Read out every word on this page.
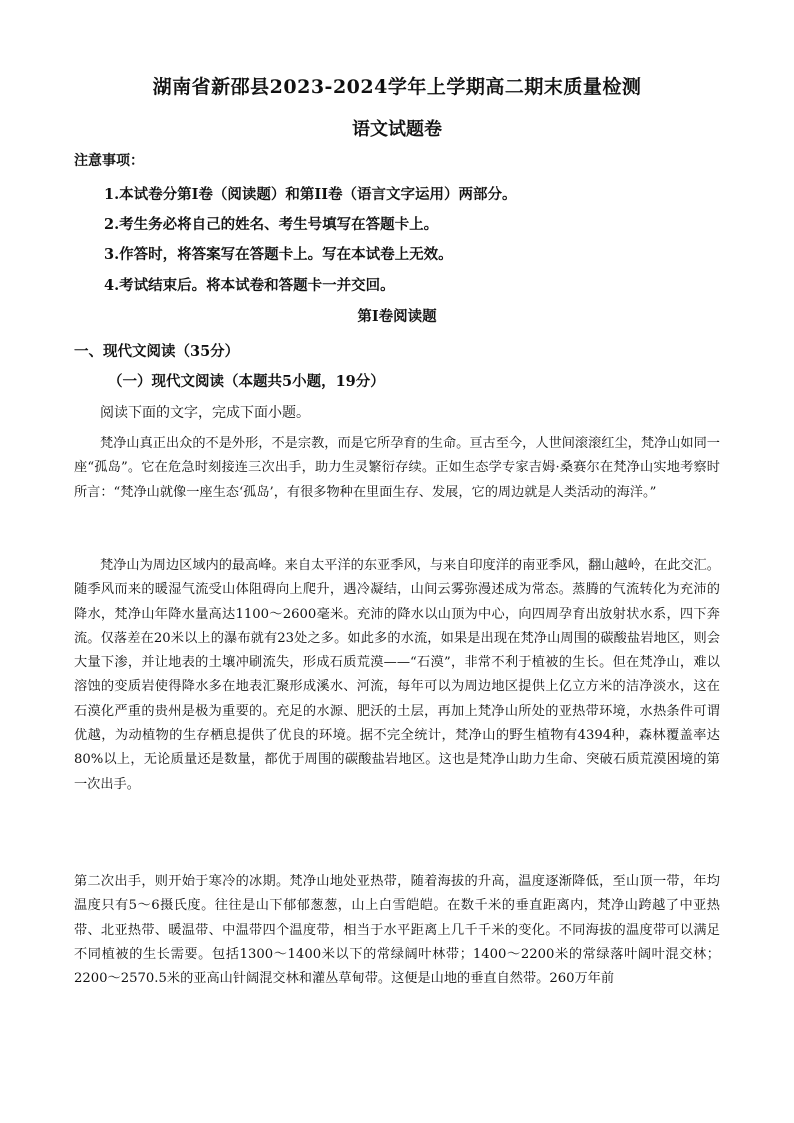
湖南省新邵县2023-2024学年上学期高二期末质量检测
语文试题卷
注意事项：
1.本试卷分第Ⅰ卷（阅读题）和第II卷（语言文字运用）两部分。
2.考生务必将自己的姓名、考生号填写在答题卡上。
3.作答时，将答案写在答题卡上。写在本试卷上无效。
4.考试结束后。将本试卷和答题卡一并交回。
第Ⅰ卷阅读题
一、现代文阅读（35分）
（一）现代文阅读（本题共5小题，19分）
阅读下面的文字，完成下面小题。

梵净山真正出众的不是外形，不是宗教，而是它所孕育的生命。亘古至今，人世间滚滚红尘，梵净山如同一座“孤岛”。它在危急时刻接连三次出手，助力生灵繁衍存续。正如生态学专家吉姆·桑赛尔在梵净山实地考察时所言：“梵净山就像一座生态‘孤岛’，有很多物种在里面生存、发展，它的周边就是人类活动的海洋。”

梵净山为周边区域内的最高峰。来自太平洋的东亚季风，与来自印度洋的南亚季风，翻山越岭，在此交汇。随季风而来的暖湿气流受山体阻碍向上爬升，遇冷凝结，山间云雾弥漫述成为常态。蒸腾的气流转化为充沛的降水，梵净山年降水量高达1100～2600毫米。充沛的降水以山顶为中心，向四周孕育出放射状水系，四下奔流。仅落差在20米以上的瀑布就有23处之多。如此多的水流，如果是出现在梵净山周围的碳酸盐岩地区，则会大量下渗，并让地表的土壤冲刷流失，形成石质荒漠——“石漠”，非常不利于植被的生长。但在梵净山，难以溶蚀的变质岩使得降水多在地表汇聚形成溪水、河流，每年可以为周边地区提供上亿立方米的洁净淡水，这在石漠化严重的贵州是极为重要的。充足的水源、肥沃的土层，再加上梵净山所处的亚热带环境，水热条件可谓优越，为动植物的生存栖息提供了优良的环境。据不完全统计，梵净山的野生植物有4394种，森林覆盖率达80%以上，无论质量还是数量，都优于周围的碳酸盐岩地区。这也是梵净山助力生命、突破石质荒漠困境的第一次出手。

第二次出手，则开始于寒冷的冰期。梵净山地处亚热带，随着海拔的升高，温度逐渐降低，至山顶一带，年均温度只有5～6摄氏度。往往是山下郁郁葱葱，山上白雪皑皑。在数千米的垂直距离内，梵净山跨越了中亚热带、北亚热带、暖温带、中温带四个温度带，相当于水平距离上几千千米的变化。不同海拔的温度带可以满足不同植被的生长需要。包括1300～1400米以下的常绿阔叶林带；1400～2200米的常绿落叶阔叶混交林；2200～2570.5米的亚高山针阔混交林和灌丛草甸带。这便是山地的垂直自然带。260万年前
